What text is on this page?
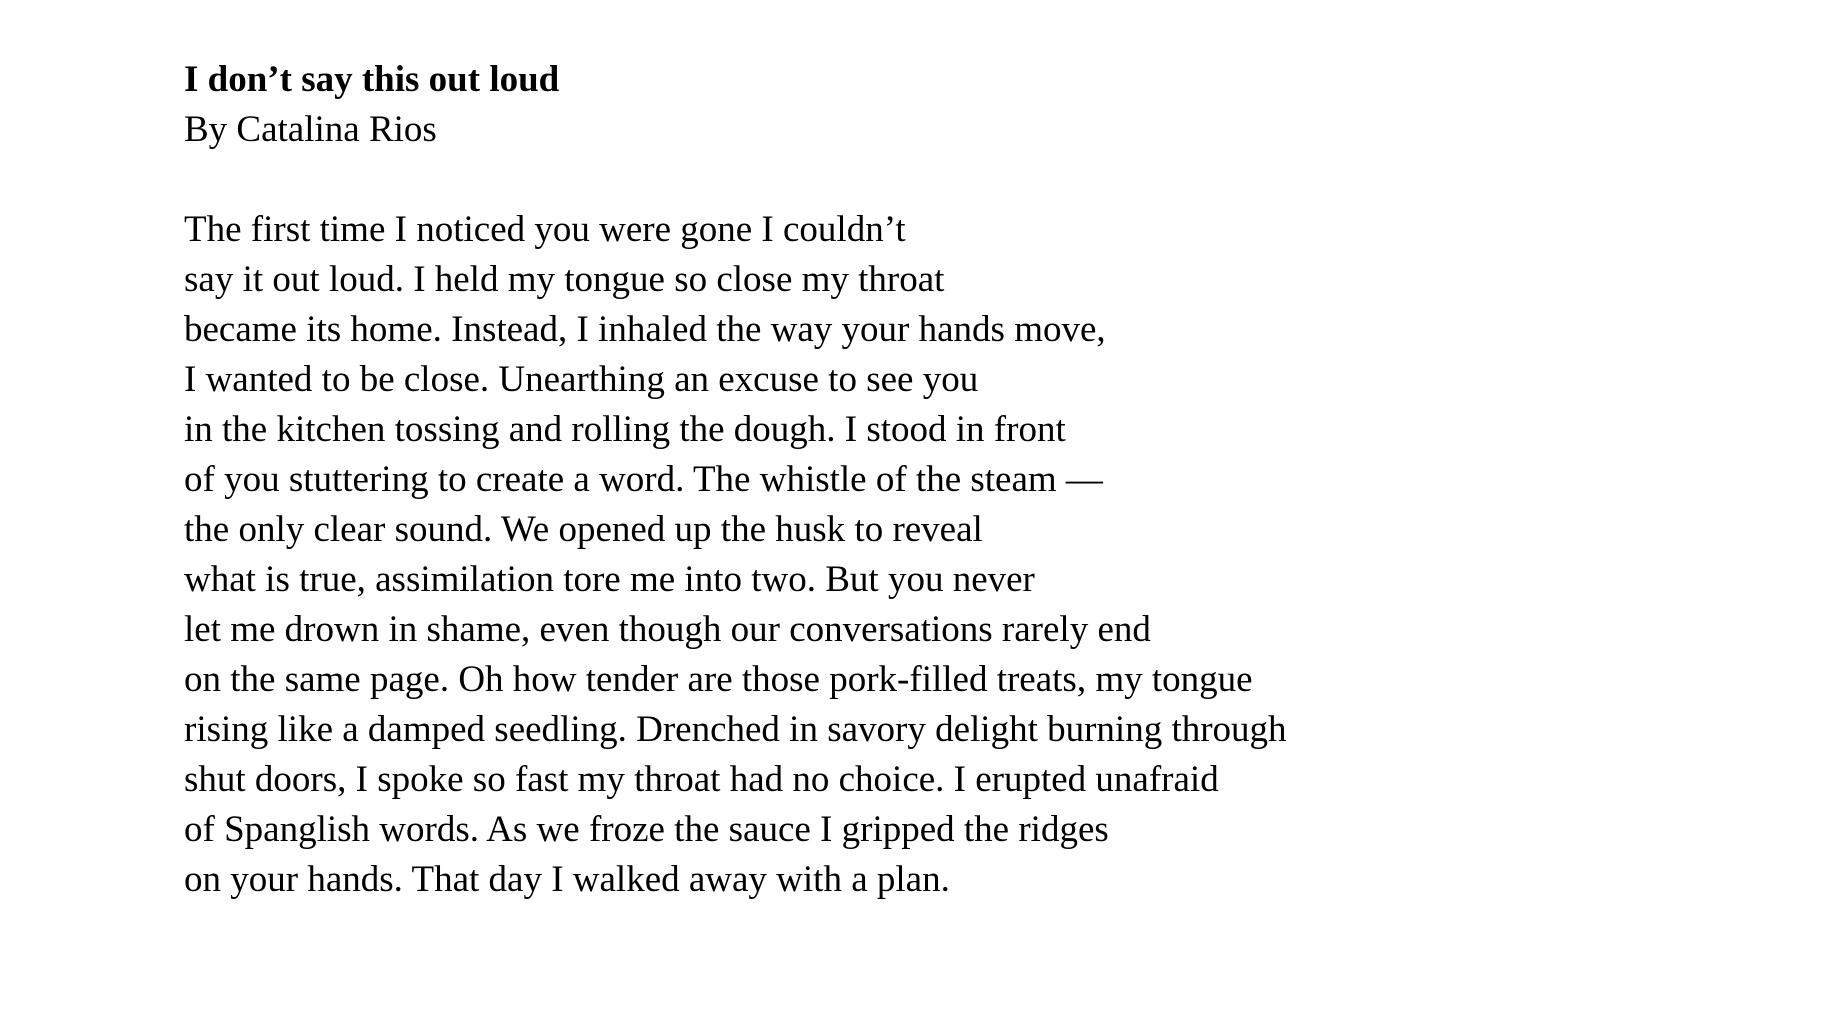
I don’t say this out loud
By Catalina Rios
The first time I noticed you were gone I couldn’t
say it out loud. I held my tongue so close my throat
became its home. Instead, I inhaled the way your hands move,
I wanted to be close. Unearthing an excuse to see you
in the kitchen tossing and rolling the dough. I stood in front
of you stuttering to create a word. The whistle of the steam —
the only clear sound. We opened up the husk to reveal
what is true, assimilation tore me into two. But you never
let me drown in shame, even though our conversations rarely end
on the same page. Oh how tender are those pork-filled treats, my tongue
rising like a damped seedling. Drenched in savory delight burning through
shut doors, I spoke so fast my throat had no choice. I erupted unafraid
of Spanglish words. As we froze the sauce I gripped the ridges
on your hands. That day I walked away with a plan.
